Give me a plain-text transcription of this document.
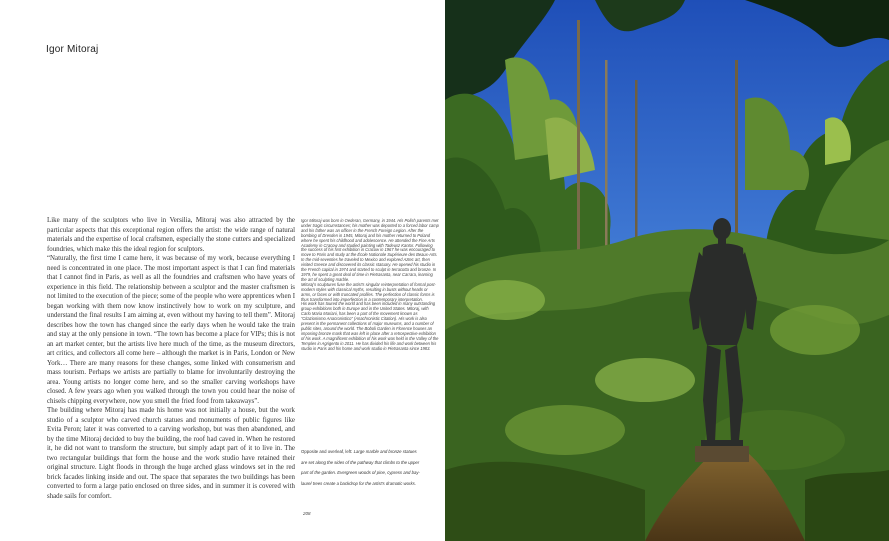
Igor Mitoraj

Like many of the sculptors who live in Versilia, Mitoraj was also attracted by the particular aspects that this exceptional region offers the artist: the wide range of natural materials and the expertise of local craftsmen, especially the stone cutters and specialized foundries, which make this the ideal region for sculptors.

“Naturally, the first time I came here, it was because of my work, because everything I need is concentrated in one place. The most important aspect is that I can find materials that I cannot find in Paris, as well as all the foundries and craftsmen who have years of experience in this field. The relationship between a sculptor and the master craftsmen is not limited to the execution of the piece; some of the people who were apprentices when I began working with them now know instinctively how to work on my sculpture, and understand the final results I am aiming at, even without my having to tell them”. Mitoraj describes how the town has changed since the early days when he would take the train and stay at the only pensione in town. “The town has become a place for VIPs; this is not an art market center, but the artists live here much of the time, as the museum directors, art critics, and collectors all come here – although the market is in Paris, London or New York… There are many reasons for these changes, some linked with consumerism and mass tourism. Perhaps we artists are partially to blame for involuntarily destroying the area. Young artists no longer come here, and so the smaller carving workshops have closed. A few years ago when you walked through the town you could hear the noise of chisels chipping everywhere, now you smell the fried food from takeaways”.

The building where Mitoraj has made his home was not initially a house, but the work studio of a sculptor who carved church statues and monuments of public figures like Evita Peron; later it was converted to a carving workshop, but was then abandoned, and by the time Mitoraj decided to buy the building, the roof had caved in. When he restored it, he did not want to transform the structure, but simply adapt part of it to live in. The two rectangular buildings that form the house and the work studio have retained their original structure. Light floods in through the huge arched glass windows set in the red brick facades linking inside and out. The space that separates the two buildings has been converted to form a large patio enclosed on three sides, and in summer it is covered with shade sails for comfort.

Igor Mitoraj was born in Oederan, Germany, in 1944. His Polish parents met under tragic circumstances; his mother was deported to a forced labor camp and his father was an officer in the French Foreign Legion. After the bombing of Dresden in 1945, Mitoraj and his mother returned to Poland where he spent his childhood and adolescence. He attended the Fine Arts Academy in Cracow and studied painting with Tadeusz Kantor. Following the success of his first exhibition in Cracow in 1967 he was encouraged to move to Paris and study at the École Nationale Supérieure des Beaux-Arts. In the mid-seventies he traveled to Mexico and explored Aztec art, then visited Greece and discovered its classic statuary. He opened his studio in the French capital in 1974 and started to sculpt in terracotta and bronze. In 1979, he spent a great deal of time in Pietrasanta, near Carrara, learning the art of sculpting marble.

Mitoraj's sculptures fuse the artist's singular reinterpretation of formal post-modern styles with classical myths, resulting in busts without heads or arms, or faces or with truncated profiles. The perfection of classic forms is thus transformed into imperfection in a contemporary interpretation.

His work has toured the world and has been included in many outstanding group exhibitions both in Europe and in the United States. Mitoraj, with Carlo Maria Mariani, has been a part of the movement known as “Citazionismo Anacronistico” (Anachronistic Citation). His work is also present in the permanent collections of major museums, and a number of public sites, around the world. The Boboli Garden in Florence houses an imposing bronze mask that was left in place after a retrospective exhibition of his work. A magnificent exhibition of his work was held in the Valley of the Temples in Agrigento in 2011. He has divided his life and work between his studio in Paris and his home and work studio in Pietrasanta since 1983.

Opposite and overleaf, left: Large marble and bronze statues are set along the sides of the pathway that climbs to the upper part of the garden. Evergreen woods of pine, cypress and bay-laurel trees create a backdrop for the artist's dramatic works.

208
